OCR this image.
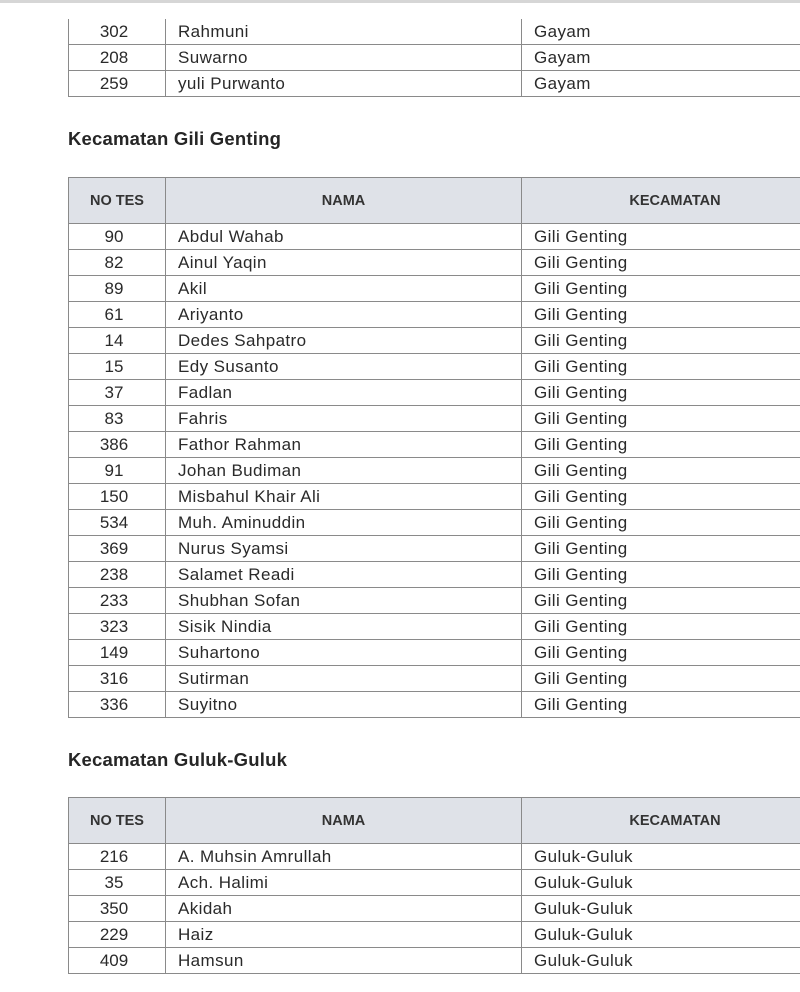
302	Rahmuni	Gayam
208	Suwarno	Gayam
259	yuli Purwanto	Gayam
Kecamatan Gili Genting
NO TES	NAMA	KECAMATAN
90	Abdul Wahab	Gili Genting
82	Ainul Yaqin	Gili Genting
89	Akil	Gili Genting
61	Ariyanto	Gili Genting
14	Dedes Sahpatro	Gili Genting
15	Edy Susanto	Gili Genting
37	Fadlan	Gili Genting
83	Fahris	Gili Genting
386	Fathor Rahman	Gili Genting
91	Johan Budiman	Gili Genting
150	Misbahul Khair Ali	Gili Genting
534	Muh. Aminuddin	Gili Genting
369	Nurus Syamsi	Gili Genting
238	Salamet Readi	Gili Genting
233	Shubhan Sofan	Gili Genting
323	Sisik Nindia	Gili Genting
149	Suhartono	Gili Genting
316	Sutirman	Gili Genting
336	Suyitno	Gili Genting
Kecamatan Guluk-Guluk
NO TES	NAMA	KECAMATAN
216	A. Muhsin Amrullah	Guluk-Guluk
35	Ach. Halimi	Guluk-Guluk
350	Akidah	Guluk-Guluk
229	Haiz	Guluk-Guluk
409	Hamsun	Guluk-Guluk
